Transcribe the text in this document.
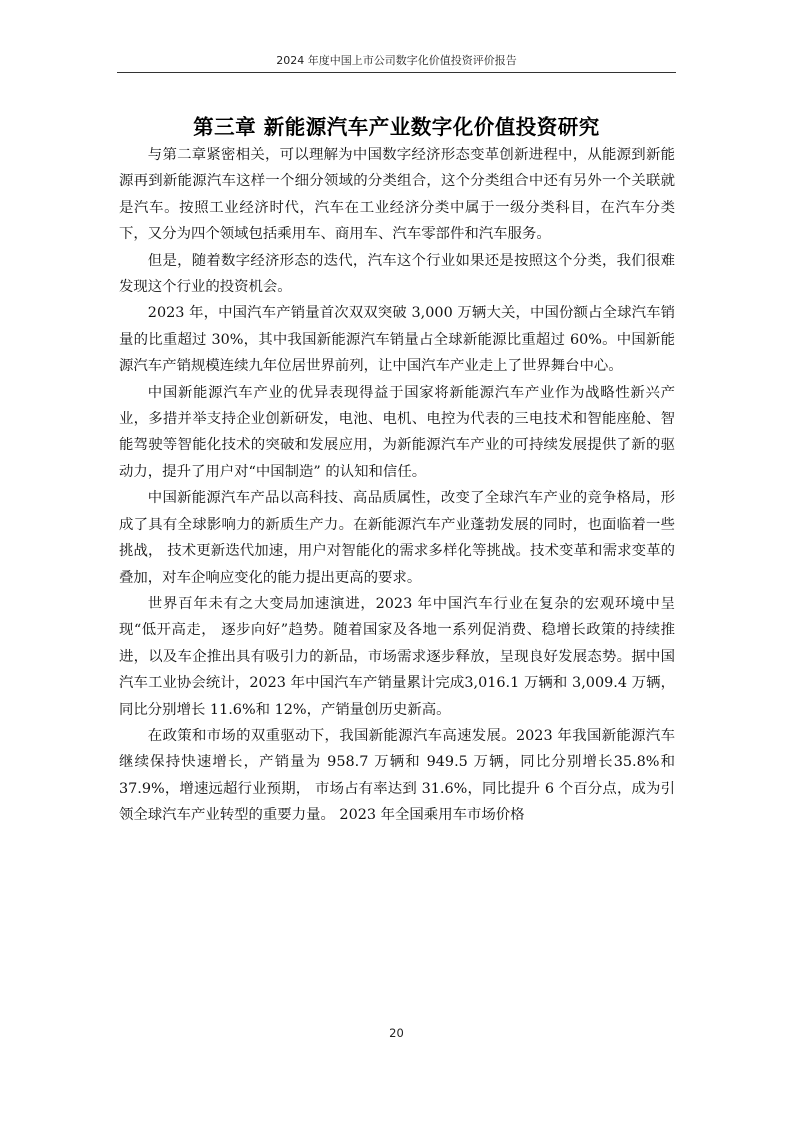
2024 年度中国上市公司数字化价值投资评价报告
第三章 新能源汽车产业数字化价值投资研究

与第二章紧密相关，可以理解为中国数字经济形态变革创新进程中，从能源到新能源再到新能源汽车这样一个细分领域的分类组合，这个分类组合中还有另外一个关联就是汽车。按照工业经济时代，汽车在工业经济分类中属于一级分类科目，在汽车分类下，又分为四个领域包括乘用车、商用车、汽车零部件和汽车服务。

但是，随着数字经济形态的迭代，汽车这个行业如果还是按照这个分类，我们很难发现这个行业的投资机会。

2023 年，中国汽车产销量首次双双突破 3,000 万辆大关，中国份额占全球汽车销量的比重超过 30%，其中我国新能源汽车销量占全球新能源比重超过 60%。中国新能源汽车产销规模连续九年位居世界前列，让中国汽车产业走上了世界舞台中心。

中国新能源汽车产业的优异表现得益于国家将新能源汽车产业作为战略性新兴产业，多措并举支持企业创新研发，电池、电机、电控为代表的三电技术和智能座舱、智能驾驶等智能化技术的突破和发展应用，为新能源汽车产业的可持续发展提供了新的驱动力，提升了用户对“中国制造” 的认知和信任。

中国新能源汽车产品以高科技、高品质属性，改变了全球汽车产业的竞争格局，形成了具有全球影响力的新质生产力。在新能源汽车产业蓬勃发展的同时，也面临着一些挑战， 技术更新迭代加速，用户对智能化的需求多样化等挑战。技术变革和需求变革的叠加，对车企响应变化的能力提出更高的要求。

世界百年未有之大变局加速演进，2023 年中国汽车行业在复杂的宏观环境中呈现“低开高走， 逐步向好”趋势。随着国家及各地一系列促消费、稳增长政策的持续推进，以及车企推出具有吸引力的新品，市场需求逐步释放，呈现良好发展态势。据中国汽车工业协会统计，2023 年中国汽车产销量累计完成3,016.1 万辆和 3,009.4 万辆，同比分别增长 11.6%和 12%，产销量创历史新高。

在政策和市场的双重驱动下，我国新能源汽车高速发展。2023 年我国新能源汽车继续保持快速增长，产销量为 958.7 万辆和 949.5 万辆，同比分别增长35.8%和 37.9%，增速远超行业预期， 市场占有率达到 31.6%，同比提升 6 个百分点，成为引领全球汽车产业转型的重要力量。 2023 年全国乘用车市场价格

20
